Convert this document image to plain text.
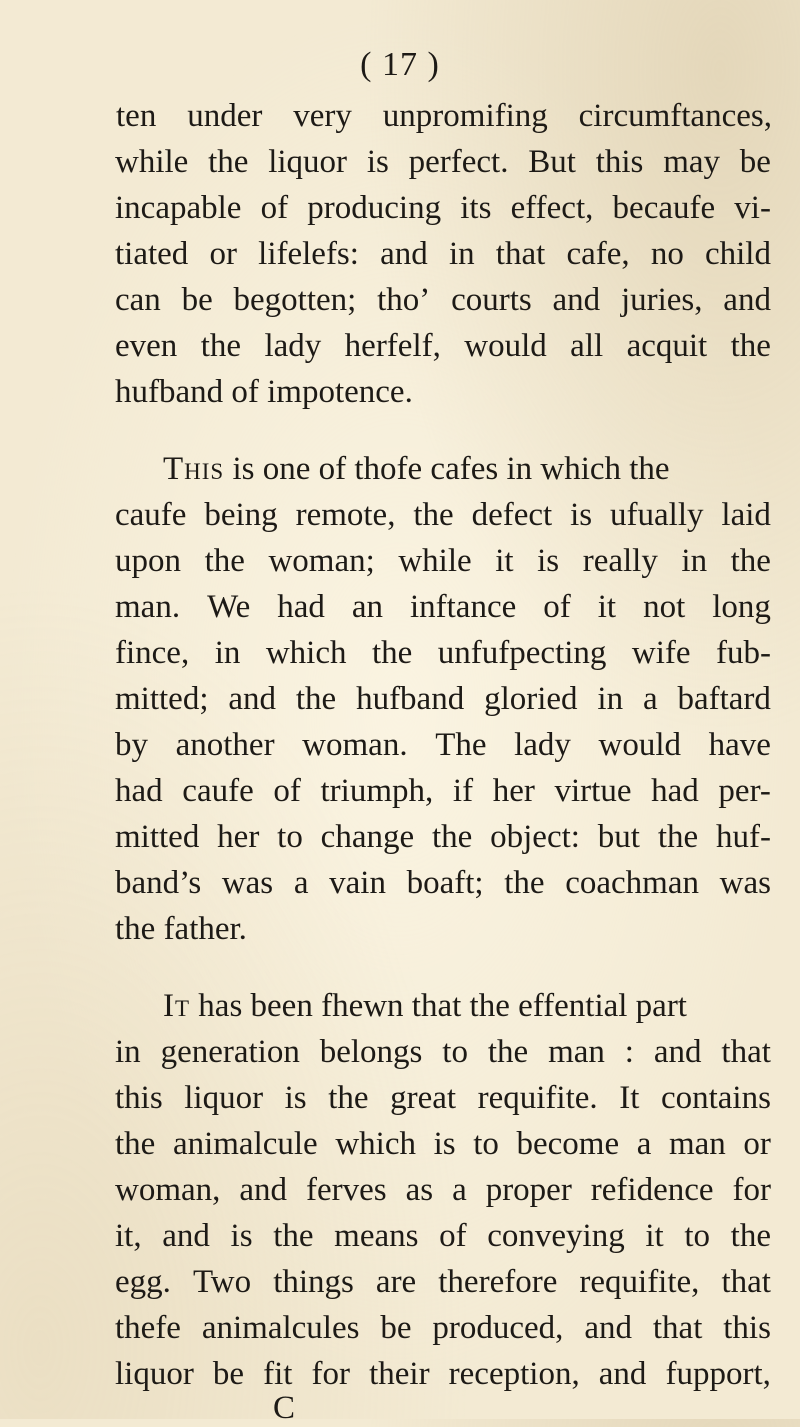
( 17 )
ten under very unpromifing circumftances,
while the liquor is perfect. But this may be
incapable of producing its effect, becaufe vi-
tiated or lifelefs: and in that cafe, no child
can be begotten; tho’ courts and juries, and
even the lady herfelf, would all acquit the
hufband of impotence.
This is one of thofe cafes in which the
caufe being remote, the defect is ufually laid
upon the woman; while it is really in the
man. We had an inftance of it not long
fince, in which the unfufpecting wife fub-
mitted; and the hufband gloried in a baftard
by another woman. The lady would have
had caufe of triumph, if her virtue had per-
mitted her to change the object: but the huf-
band’s was a vain boaft; the coachman was
the father.
It has been fhewn that the effential part
in generation belongs to the man : and that
this liquor is the great requifite. It contains
the animalcule which is to become a man or
woman, and ferves as a proper refidence for
it, and is the means of conveying it to the
egg. Two things are therefore requifite, that
thefe animalcules be produced, and that this
liquor be fit for their reception, and fupport,
C
